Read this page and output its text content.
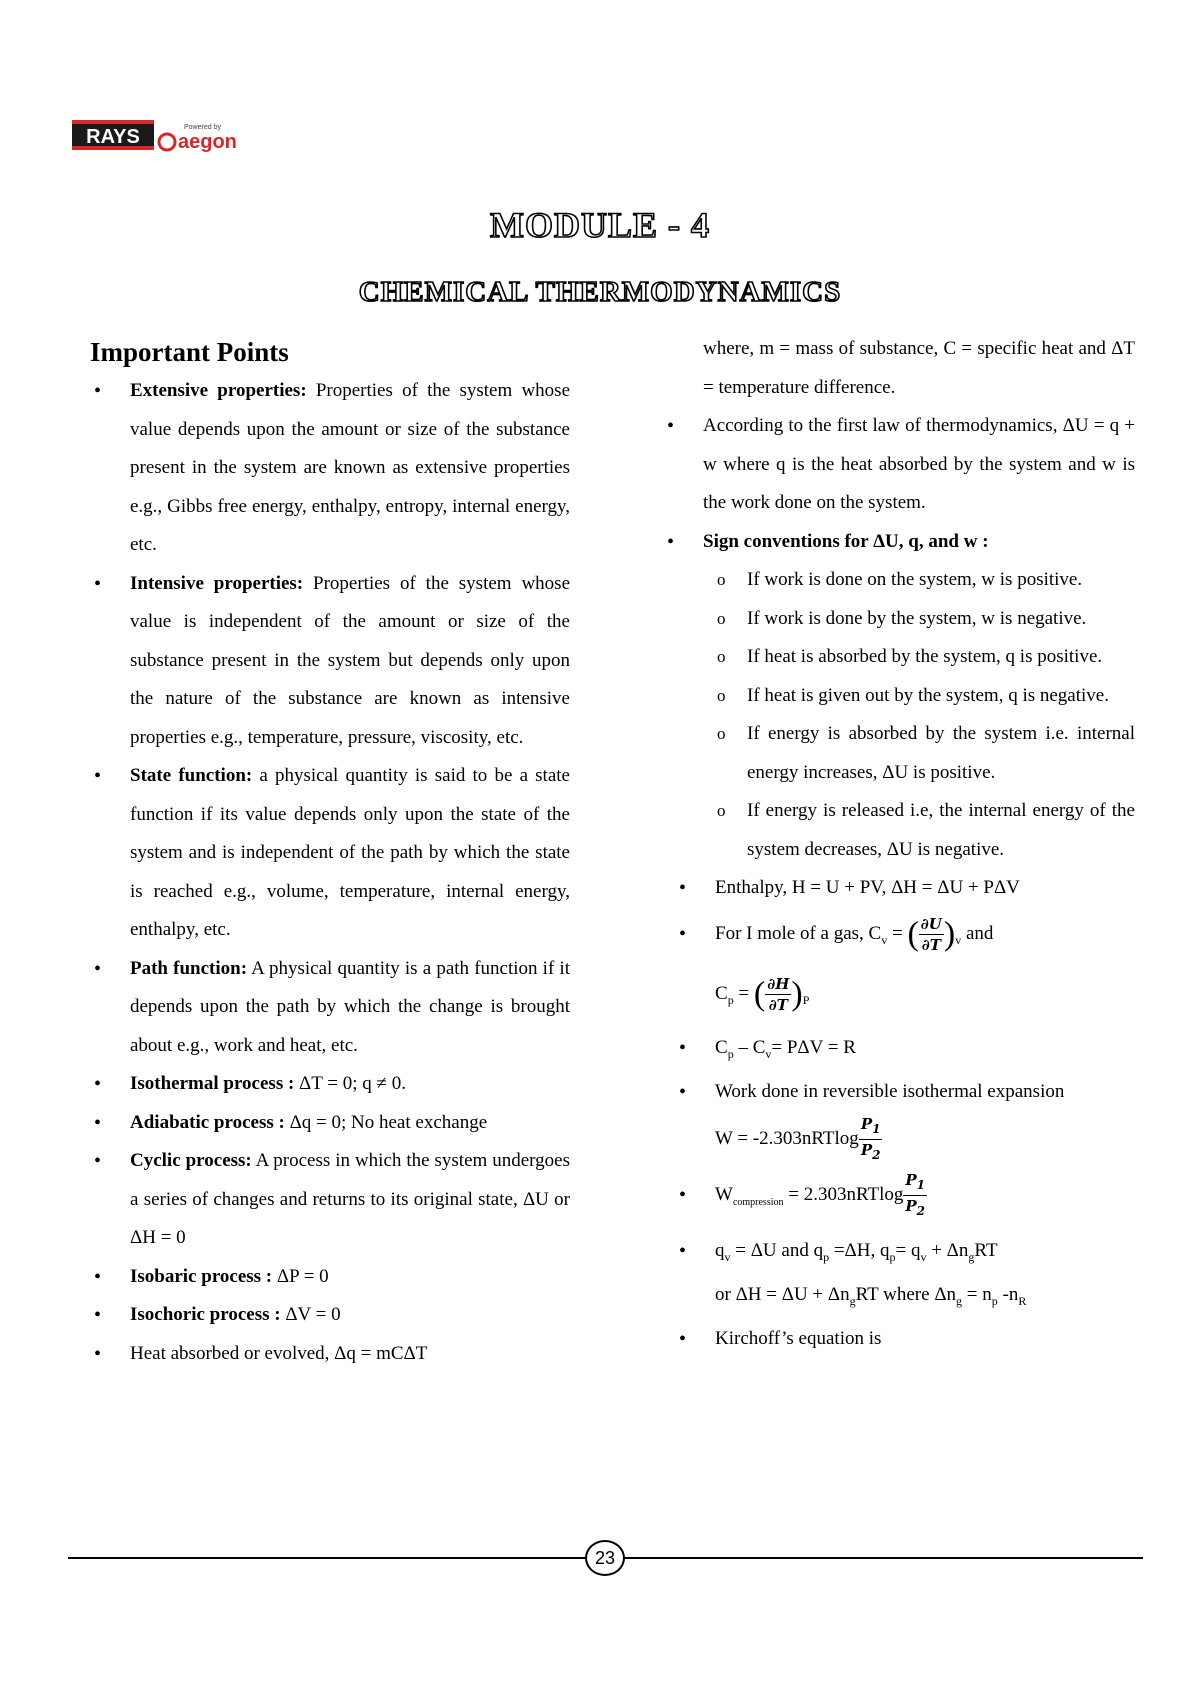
RAYS	Powered by
aegon
MODULE - 4
CHEMICAL THERMODYNAMICS
Important Points
• Extensive properties: Properties of the system whose value depends upon the amount or size of the substance present in the system are known as extensive properties e.g., Gibbs free energy, enthalpy, entropy, internal energy, etc.
• Intensive properties: Properties of the system whose value is independent of the amount or size of the substance present in the system but depends only upon the nature of the substance are known as intensive properties e.g., temperature, pressure, viscosity, etc.
• State function: a physical quantity is said to be a state function if its value depends only upon the state of the system and is independent of the path by which the state is reached e.g., volume, temperature, internal energy, enthalpy, etc.
• Path function: A physical quantity is a path function if it depends upon the path by which the change is brought about e.g., work and heat, etc.
• Isothermal process : ΔT = 0; q ≠ 0.
• Adiabatic process : Δq = 0; No heat exchange
• Cyclic process: A process in which the system undergoes a series of changes and returns to its original state, ΔU or ΔH = 0
• Isobaric process : ΔP = 0
• Isochoric process : ΔV = 0
• Heat absorbed or evolved, Δq = mCΔT
where, m = mass of substance, C = specific heat and ΔT = temperature difference.
• According to the first law of thermodynamics, ΔU = q + w where q is the heat absorbed by the system and w is the work done on the system.
• Sign conventions for ΔU, q, and w :
o If work is done on the system, w is positive.
o If work is done by the system, w is negative.
o If heat is absorbed by the system, q is positive.
o If heat is given out by the system, q is negative.
o If energy is absorbed by the system i.e. internal energy increases, ΔU is positive.
o If energy is released i.e, the internal energy of the system decreases, ΔU is negative.
• Enthalpy, H = U + PV, ΔH = ΔU + PΔV
• For I mole of a gas, $C_v$ = ( $\frac{\partial U}{\partial T} )_v$ and
$C_p$ = ( $\frac{\partial H}{\partial T} )_P$
• $C_p - C_v= P\Delta V = R$
• Work done in reversible isothermal expansion
$W = -2.303nRTlog \frac{P_1}{P_2}$
• $W_{compression} = 2.303nRTlog \frac{P_1}{P_2}$
• $q_v = \Delta U$ and $q_p =\Delta H$, $q_p= q_v + \Delta n_gRT$
or $\Delta H = \Delta U + \Delta n_gRT$ where $\Delta n_g = n_p$ $-n_R$
• Kirchoff’s equation is
23
